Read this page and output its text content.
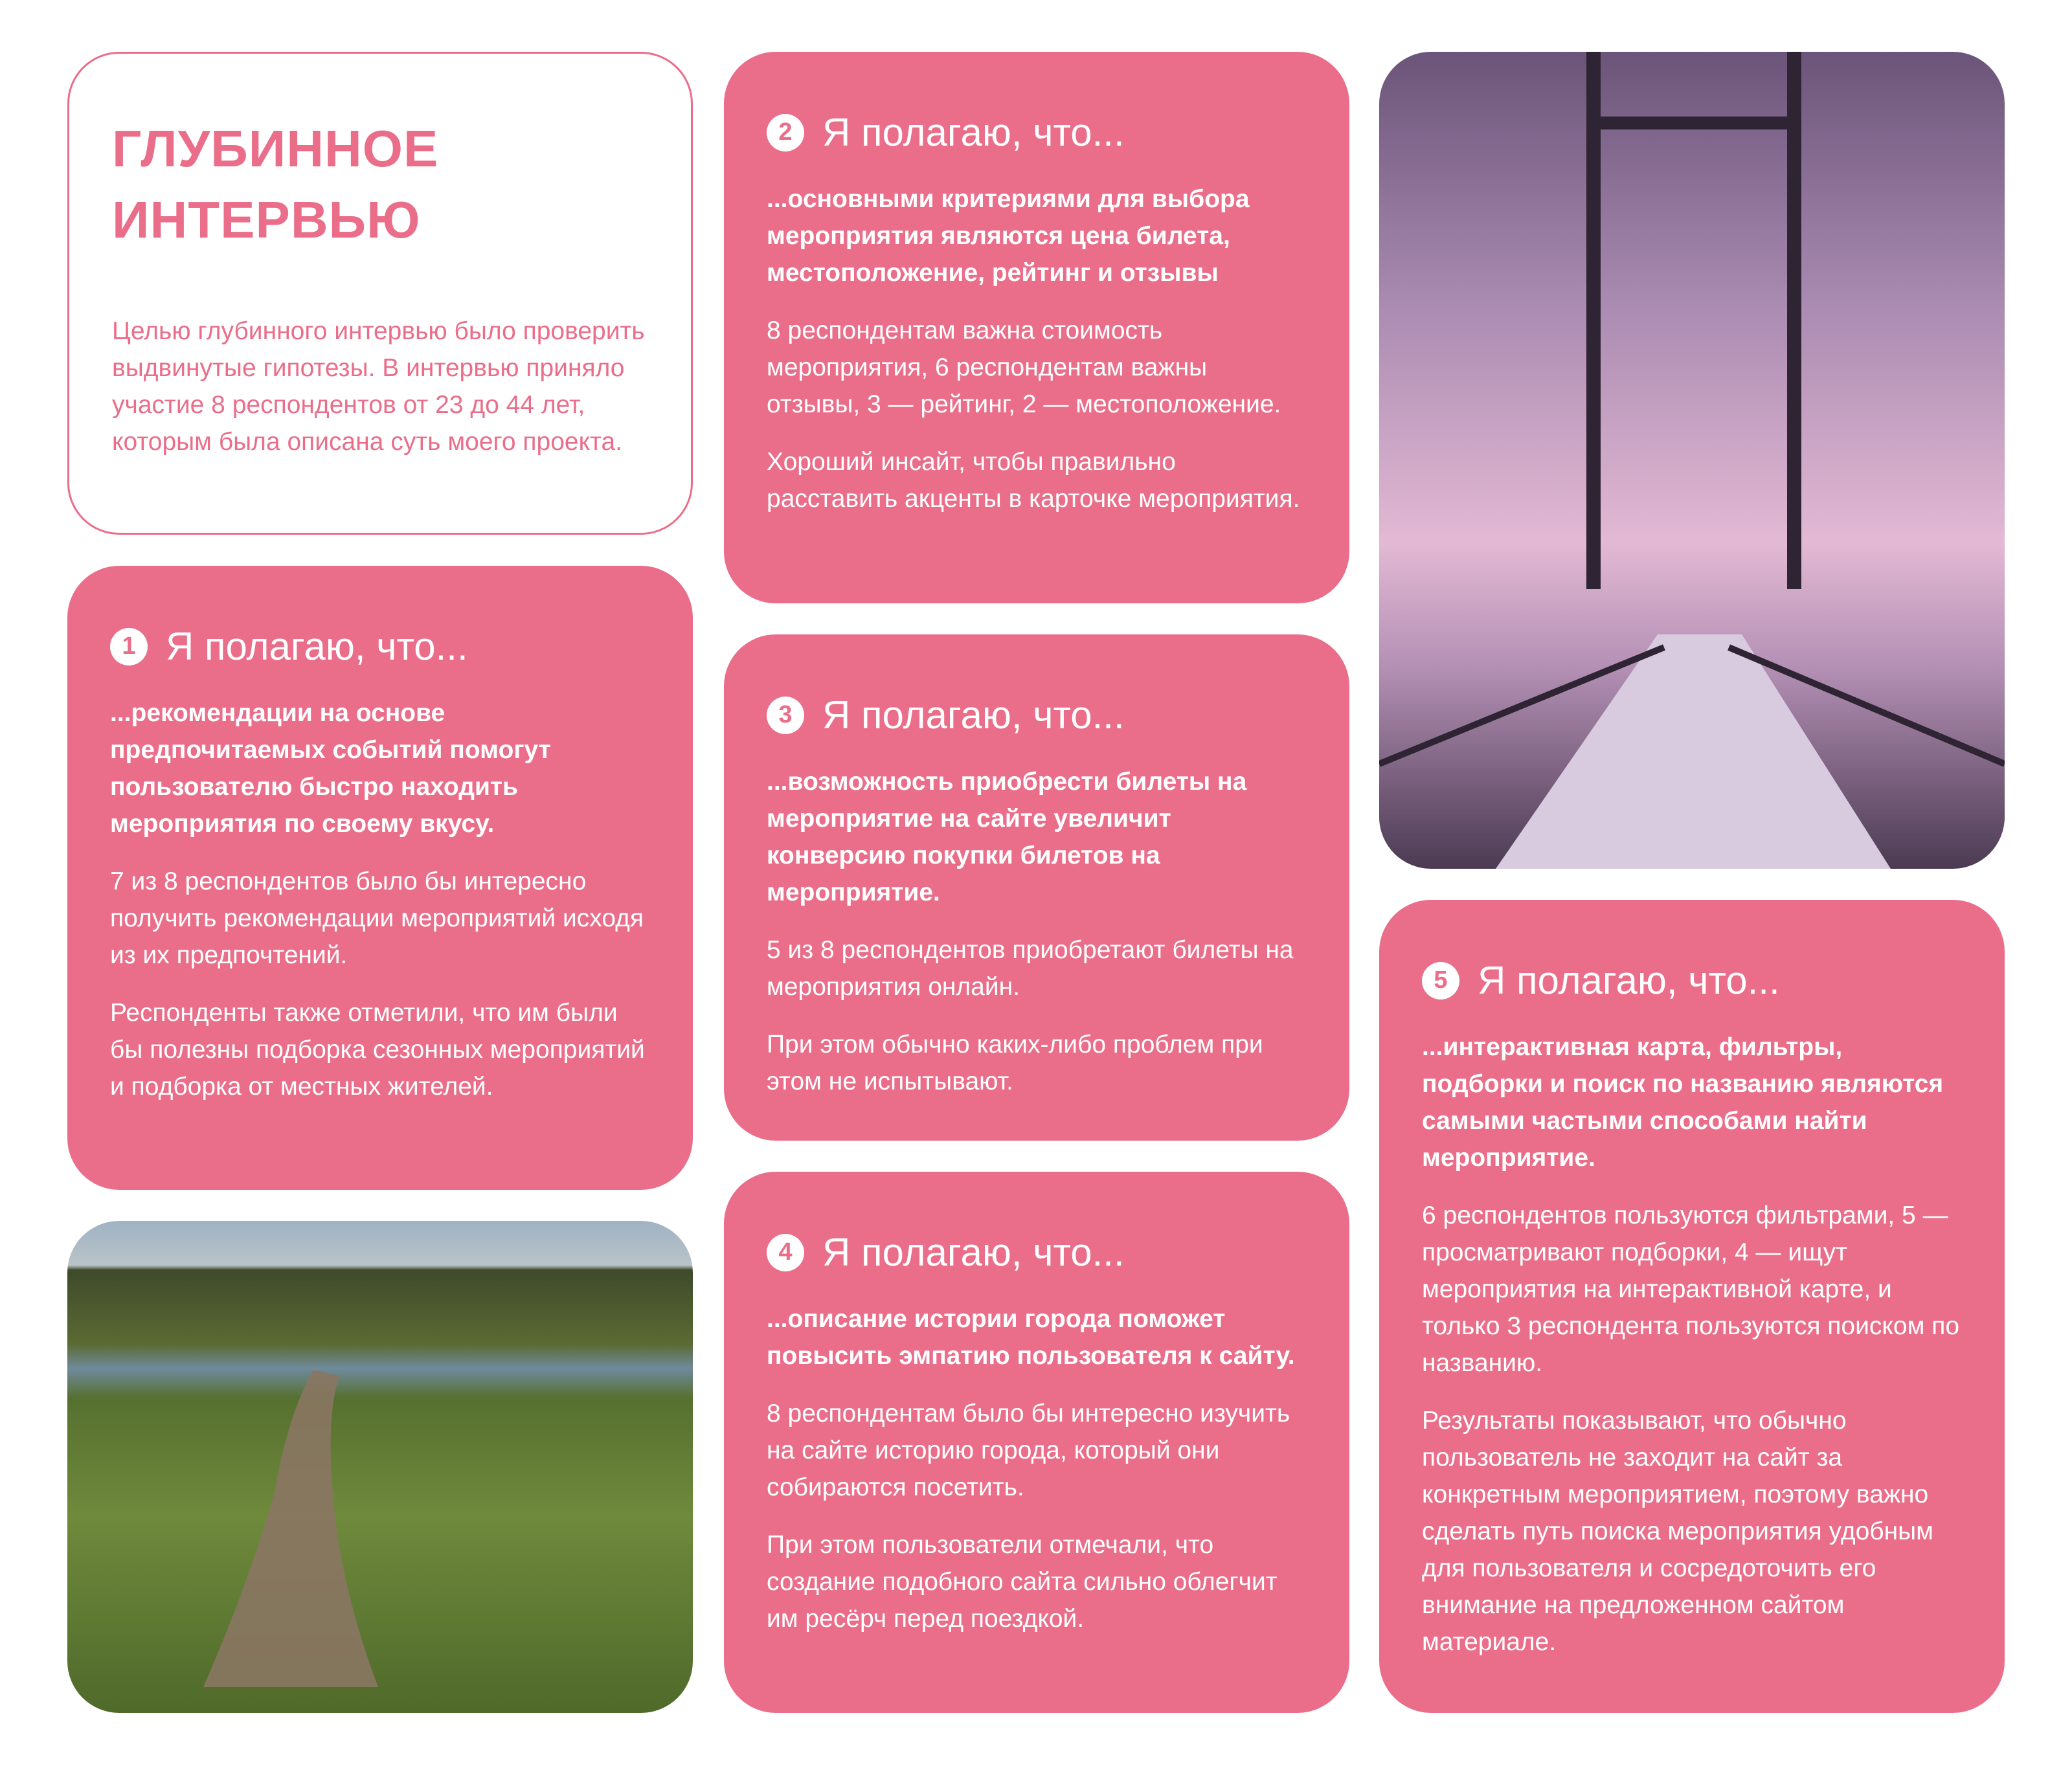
ГЛУБИННОЕ
ИНТЕРВЬЮ

Целью глубинного интервью было проверить выдвинутые гипотезы. В интервью приняло участие 8 респондентов от 23 до 44 лет, которым была описана суть моего проекта.

1 Я полагаю, что...

...рекомендации на основе предпочитаемых событий помогут пользователю быстро находить мероприятия по своему вкусу.

7 из 8 респондентов было бы интересно получить рекомендации мероприятий исходя из их предпочтений.

Респонденты также отметили, что им были бы полезны подборка сезонных мероприятий и подборка от местных жителей.

2 Я полагаю, что...

...основными критериями для выбора мероприятия являются цена билета, местоположение, рейтинг и отзывы

8 респондентам важна стоимость мероприятия, 6 респондентам важны отзывы, 3 — рейтинг, 2 — местоположение.

Хороший инсайт, чтобы правильно расставить акценты в карточке мероприятия.

3 Я полагаю, что...

...возможность приобрести билеты на мероприятие на сайте увеличит конверсию покупки билетов на мероприятие.

5 из 8 респондентов приобретают билеты на мероприятия онлайн.

При этом обычно каких-либо проблем при этом не испытывают.

4 Я полагаю, что...

...описание истории города поможет повысить эмпатию пользователя к сайту.

8 респондентам было бы интересно изучить на сайте историю города, который они собираются посетить.

При этом пользователи отмечали, что создание подобного сайта сильно облегчит им ресёрч перед поездкой.

5 Я полагаю, что...

...интерактивная карта, фильтры, подборки и поиск по названию являются самыми частыми способами найти мероприятие.

6 респондентов пользуются фильтрами, 5 — просматривают подборки, 4 — ищут мероприятия на интерактивной карте, и только 3 респондента пользуются поиском по названию.

Результаты показывают, что обычно пользователь не заходит на сайт за конкретным мероприятием, поэтому важно сделать путь поиска мероприятия удобным для пользователя и сосредоточить его внимание на предложенном сайтом материале.
